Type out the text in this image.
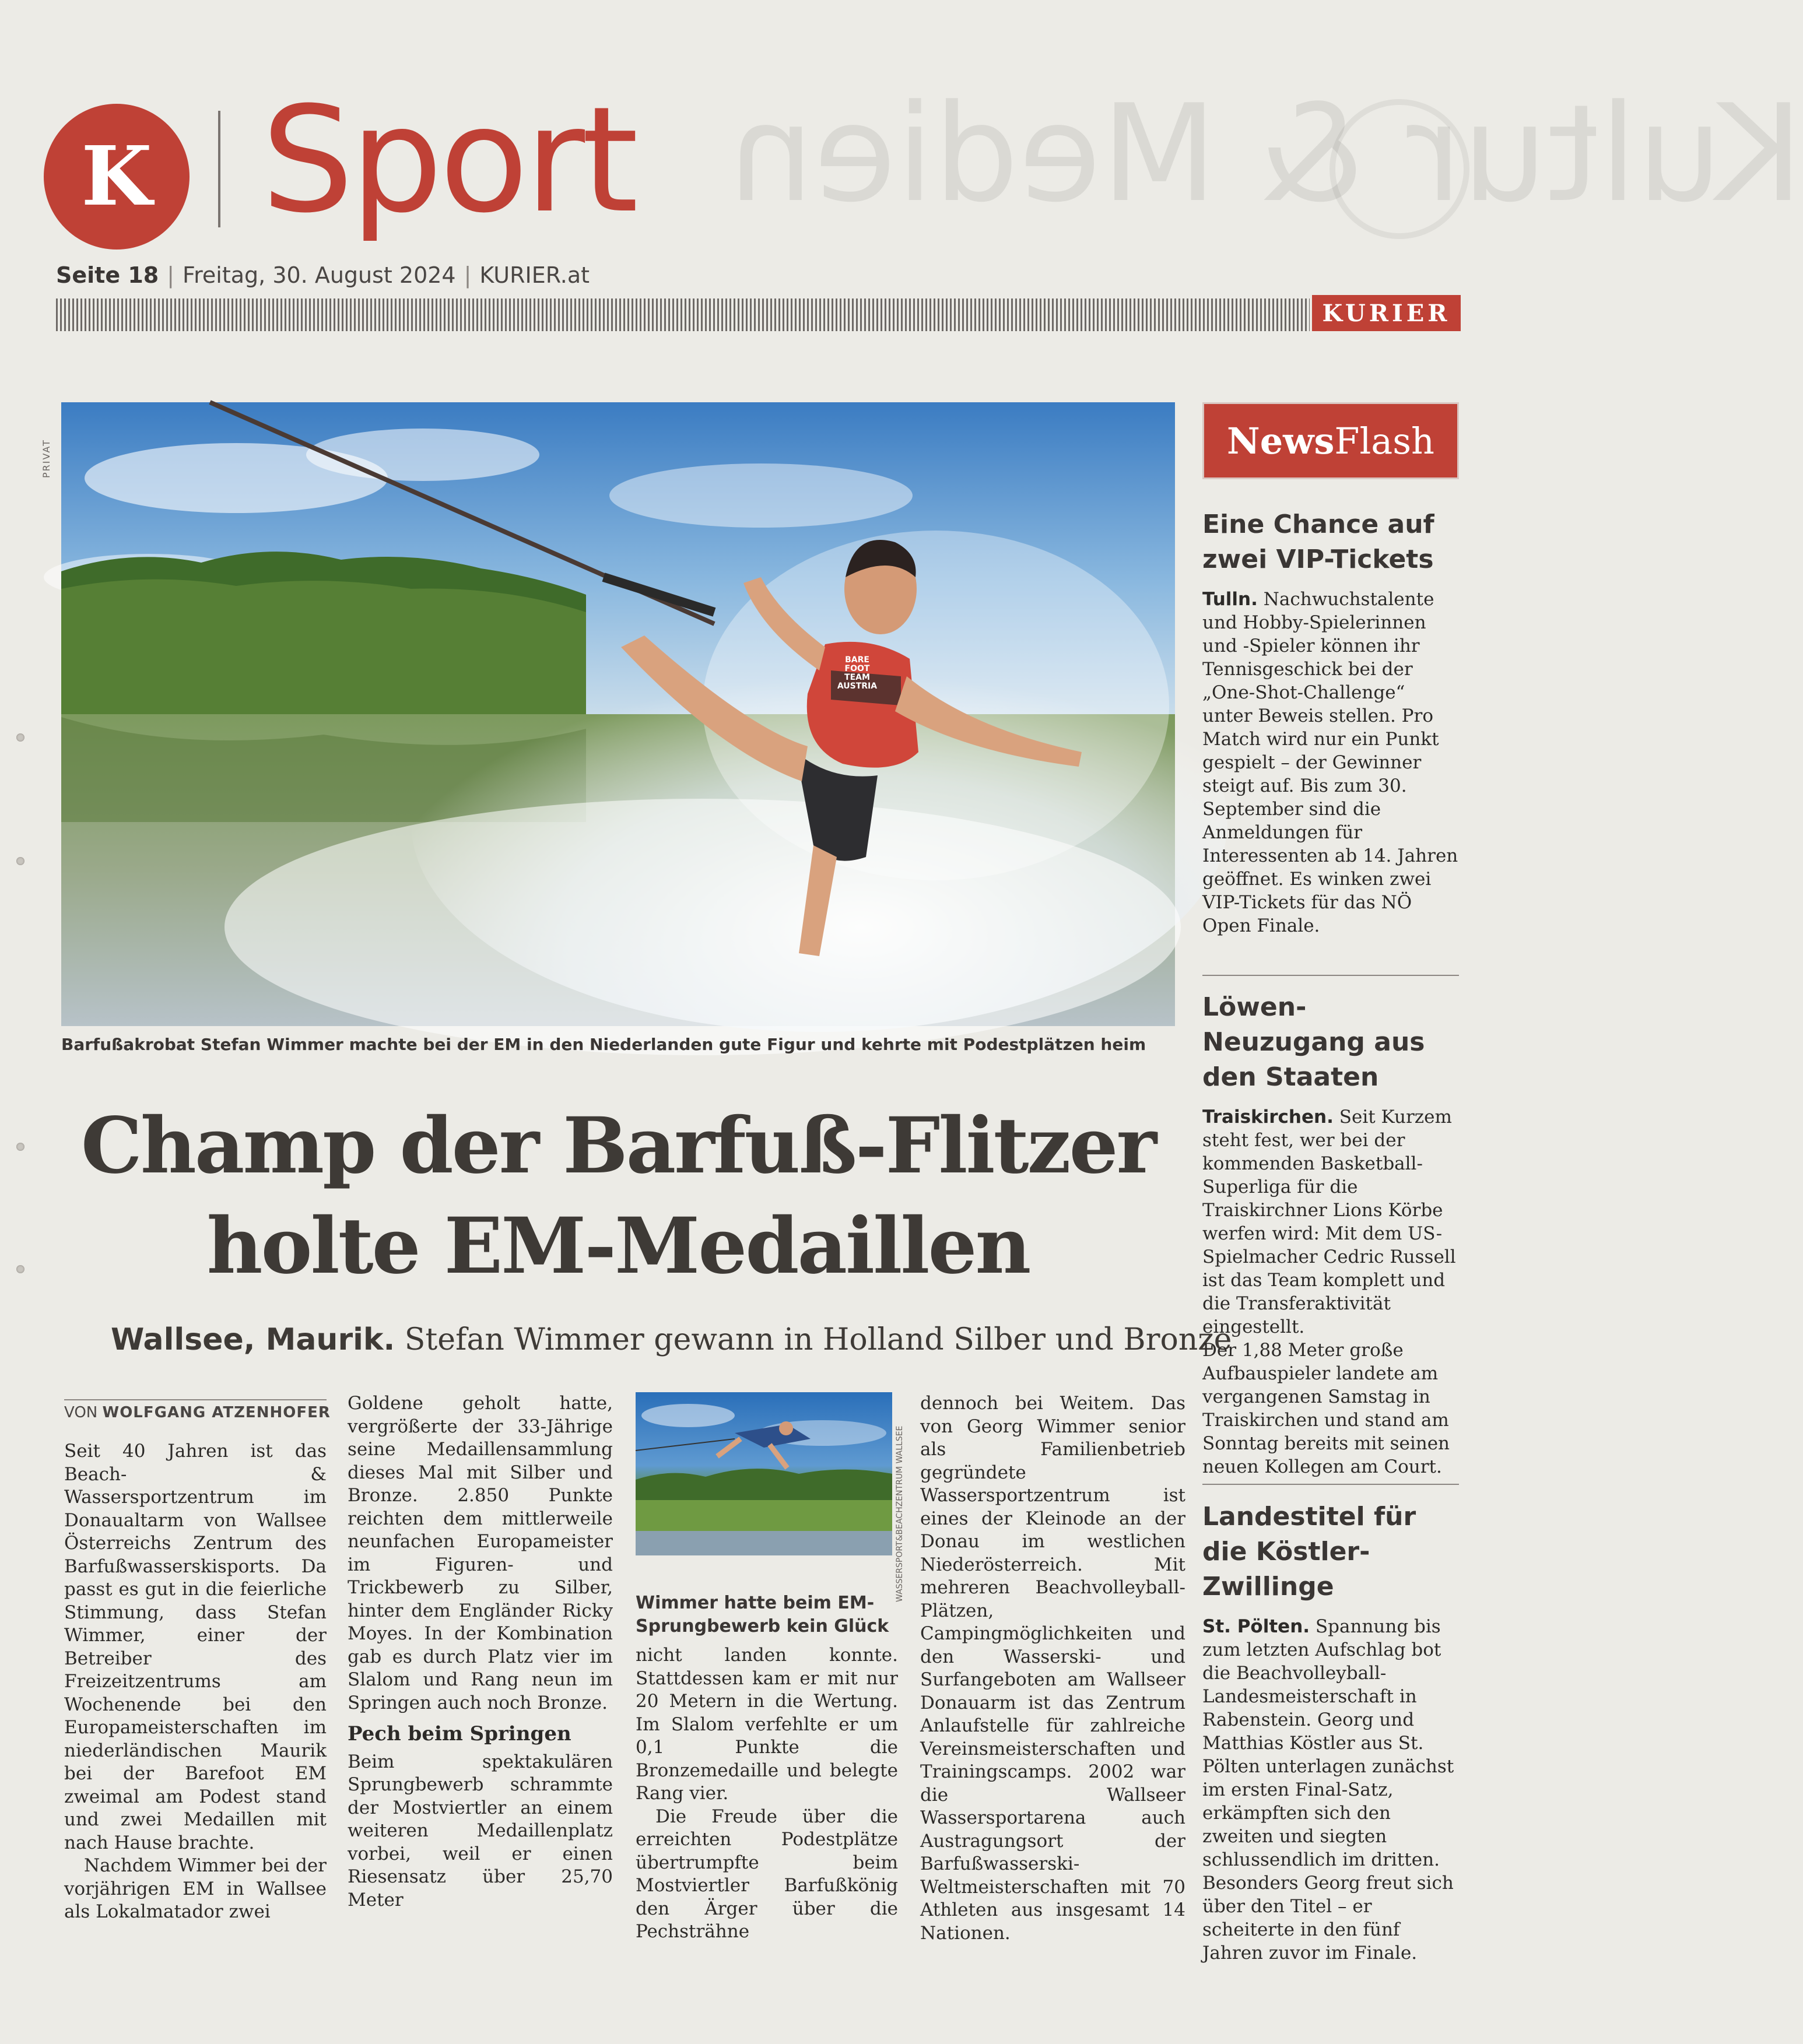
Kultur & Medien
K Sport
Seite 18 | Freitag, 30. August 2024 | KURIER.at
KURIER
PRIVAT
Barfußakrobat Stefan Wimmer machte bei der EM in den Niederlanden gute Figur und kehrte mit Podestplätzen heim
Champ der Barfuß-Flitzer
holte EM-Medaillen
Wallsee, Maurik. Stefan Wimmer gewann in Holland Silber und Bronze
VON WOLFGANG ATZENHOFER

Seit 40 Jahren ist das Beach- & Wassersportzentrum im Donaualtarm von Wallsee Österreichs Zentrum des Barfußwasserskisports. Da passt es gut in die feierliche Stimmung, dass Stefan Wimmer, einer der Betreiber des Freizeitzentrums am Wochenende bei den Europameisterschaften im niederländischen Maurik bei der Barefoot EM zweimal am Podest stand und zwei Medaillen mit nach Hause brachte.

Nachdem Wimmer bei der vorjährigen EM in Wallsee als Lokalmatador zwei

Goldene geholt hatte, vergrößerte der 33-Jährige seine Medaillensammlung dieses Mal mit Silber und Bronze. 2.850 Punkte reichten dem mittlerweile neunfachen Europameister im Figuren- und Trickbewerb zu Silber, hinter dem Engländer Ricky Moyes. In der Kombination gab es durch Platz vier im Slalom und Rang neun im Springen auch noch Bronze.

Pech beim Springen

Beim spektakulären Sprungbewerb schrammte der Mostviertler an einem weiteren Medaillenplatz vorbei, weil er einen Riesensatz über 25,70 Meter

WASSERSPORT&BEACHZENTRUM WALLSEE
Wimmer hatte beim EM-Sprungbewerb kein Glück

nicht landen konnte. Stattdessen kam er mit nur 20 Metern in die Wertung. Im Slalom verfehlte er um 0,1 Punkte die Bronzemedaille und belegte Rang vier.

Die Freude über die erreichten Podestplätze übertrumpfte beim Mostviertler Barfußkönig den Ärger über die Pechsträhne

dennoch bei Weitem. Das von Georg Wimmer senior als Familienbetrieb gegründete Wassersportzentrum ist eines der Kleinode an der Donau im westlichen Niederösterreich. Mit mehreren Beachvolleyball-Plätzen, Campingmöglichkeiten und den Wasserski- und Surfangeboten am Wallseer Donauarm ist das Zentrum Anlaufstelle für zahlreiche Vereinsmeisterschaften und Trainingscamps. 2002 war die Wallseer Wassersportarena auch Austragungsort der Barfußwasserski-Weltmeisterschaften mit 70 Athleten aus insgesamt 14 Nationen.

News Flash
Eine Chance auf zwei VIP-Tickets
Tulln. Nachwuchstalente und Hobby-Spielerinnen und -Spieler können ihr Tennisgeschick bei der „One-Shot-Challenge“ unter Beweis stellen. Pro Match wird nur ein Punkt gespielt – der Gewinner steigt auf. Bis zum 30. September sind die Anmeldungen für Interessenten ab 14. Jahren geöffnet. Es winken zwei VIP-Tickets für das NÖ Open Finale.
Löwen-Neuzugang aus den Staaten
Traiskirchen. Seit Kurzem steht fest, wer bei der kommenden Basketball-Superliga für die Traiskirchner Lions Körbe werfen wird: Mit dem US-Spielmacher Cedric Russell ist das Team komplett und die Transferaktivität eingestellt.
Der 1,88 Meter große Aufbauspieler landete am vergangenen Samstag in Traiskirchen und stand am Sonntag bereits mit seinen neuen Kollegen am Court.
Landestitel für die Köstler-Zwillinge
St. Pölten. Spannung bis zum letzten Aufschlag bot die Beachvolleyball-Landesmeisterschaft in Rabenstein. Georg und Matthias Köstler aus St. Pölten unterlagen zunächst im ersten Final-Satz, erkämpften sich den zweiten und siegten schlussendlich im dritten. Besonders Georg freut sich über den Titel – er scheiterte in den fünf Jahren zuvor im Finale.
BARE FOOT TEAM AUSTRIA
